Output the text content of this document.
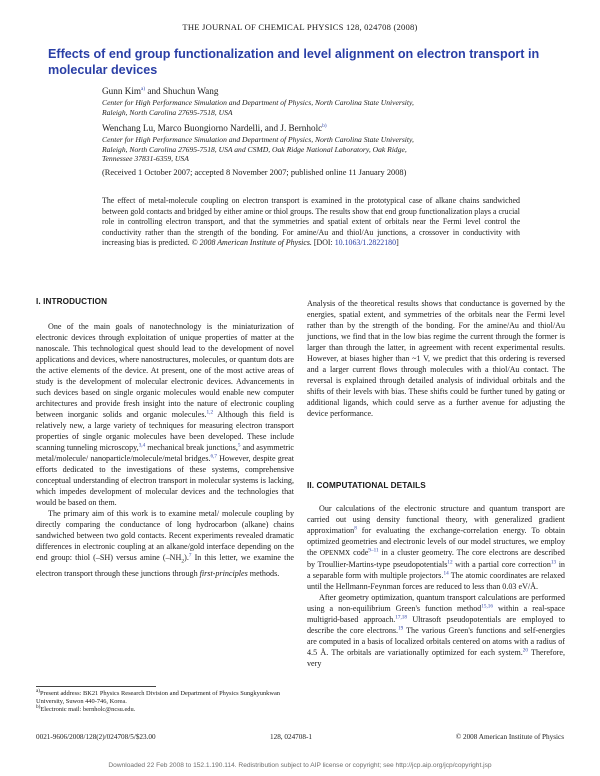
THE JOURNAL OF CHEMICAL PHYSICS 128, 024708 (2008)
Effects of end group functionalization and level alignment on electron transport in molecular devices
Gunn Kim$^{a)}$ and Shuchun Wang
Center for High Performance Simulation and Department of Physics, North Carolina State University,
Raleigh, North Carolina 27695-7518, USA
Wenchang Lu, Marco Buongiorno Nardelli, and J. Bernholc$^{b)}$
Center for High Performance Simulation and Department of Physics, North Carolina State University,
Raleigh, North Carolina 27695-7518, USA and CSMD, Oak Ridge National Laboratory, Oak Ridge,
Tennessee 37831-6359, USA
(Received 1 October 2007; accepted 8 November 2007; published online 11 January 2008)
The effect of metal-molecule coupling on electron transport is examined in the prototypical case of alkane chains sandwiched between gold contacts and bridged by either amine or thiol groups. The results show that end group functionalization plays a crucial role in controlling electron transport, and that the symmetries and spatial extent of orbitals near the Fermi level control the conductivity rather than the strength of the bonding. For amine/Au and thiol/Au junctions, a crossover in conductivity with increasing bias is predicted. © 2008 American Institute of Physics. [DOI: 10.1063/1.2822180]
I. INTRODUCTION

One of the main goals of nanotechnology is the miniaturization of electronic devices through exploitation of unique properties of matter at the nanoscale. This technological quest should lead to the development of novel applications and devices, where nanostructures, molecules, or quantum dots are the active elements of the device. At present, one of the most active areas of study is the development of molecular electronic devices. Advancements in such devices based on single organic molecules would enable new computer architectures and provide fresh insight into the nature of electronic coupling between inorganic solids and organic molecules.$^{1,2}$ Although this field is relatively new, a large variety of techniques for measuring electron transport properties of single organic molecules have been developed. These include scanning tunneling microscopy,$^{3,4}$ mechanical break junctions,$^5$ and asymmetric metal/molecule/ nanoparticle/molecule/metal bridges.$^{6,7}$ However, despite great efforts dedicated to the investigations of these systems, comprehensive conceptual understanding of electron transport in molecular systems is lacking, which impedes development of molecular devices and the technologies that would be based on them.

The primary aim of this work is to examine metal/ molecule coupling by directly comparing the conductance of long hydrocarbon (alkane) chains sandwiched between two gold contacts. Recent experiments revealed dramatic differences in electronic coupling at an alkane/gold interface depending on the end group: thiol (–SH) versus amine $(-NH_2).^7$ In this letter, we examine the electron transport through these junctions through first-principles methods.

$^{a)}$Present address: BK21 Physics Research Division and Department of Physics Sungkyunkwan University, Suwon 440-746, Korea.
$^{b)}$Electronic mail: bernholc@ncsu.edu.

Analysis of the theoretical results shows that conductance is governed by the energies, spatial extent, and symmetries of the orbitals near the Fermi level rather than by the strength of the bonding. For the amine/Au and thiol/Au junctions, we find that in the low bias regime the current through the former is larger than through the latter, in agreement with recent experimental results. However, at biases higher than ~1 V, we predict that this ordering is reversed and a larger current flows through molecules with a thiol/Au contact. The reversal is explained through detailed analysis of individual orbitals and the shifts of their levels with bias. These shifts could be further tuned by gating or additional ligands, which could serve as a further avenue for adjusting the device performance.

II. COMPUTATIONAL DETAILS

Our calculations of the electronic structure and quantum transport are carried out using density functional theory, with generalized gradient approximation$^8$ for evaluating the exchange-correlation energy. To obtain optimized geometries and electronic levels of our model structures, we employ the OPENMX code$^{9-11}$ in a cluster geometry. The core electrons are described by Troullier-Martins-type pseudopotentials$^{12}$ with a partial core correction$^{13}$ in a separable form with multiple projectors.$^{14}$ The atomic coordinates are relaxed until the Hellmann-Feynman forces are reduced to less than 0.03 eV/Å.

After geometry optimization, quantum transport calculations are performed using a non-equilibrium Green's function method$^{15,16}$ within a real-space multigrid-based approach.$^{17,18}$ Ultrasoft pseudopotentials are employed to describe the core electrons.$^{19}$ The various Green's functions and self-energies are computed in a basis of localized orbitals centered on atoms with a radius of 4.5 Å. The orbitals are variationally optimized for each system.$^{20}$ Therefore, very

0021-9606/2008/128(2)/024708/5/$23.00	128, 024708-1	© 2008 American Institute of Physics
Downloaded 22 Feb 2008 to 152.1.190.114. Redistribution subject to AIP license or copyright; see http://jcp.aip.org/jcp/copyright.jsp
